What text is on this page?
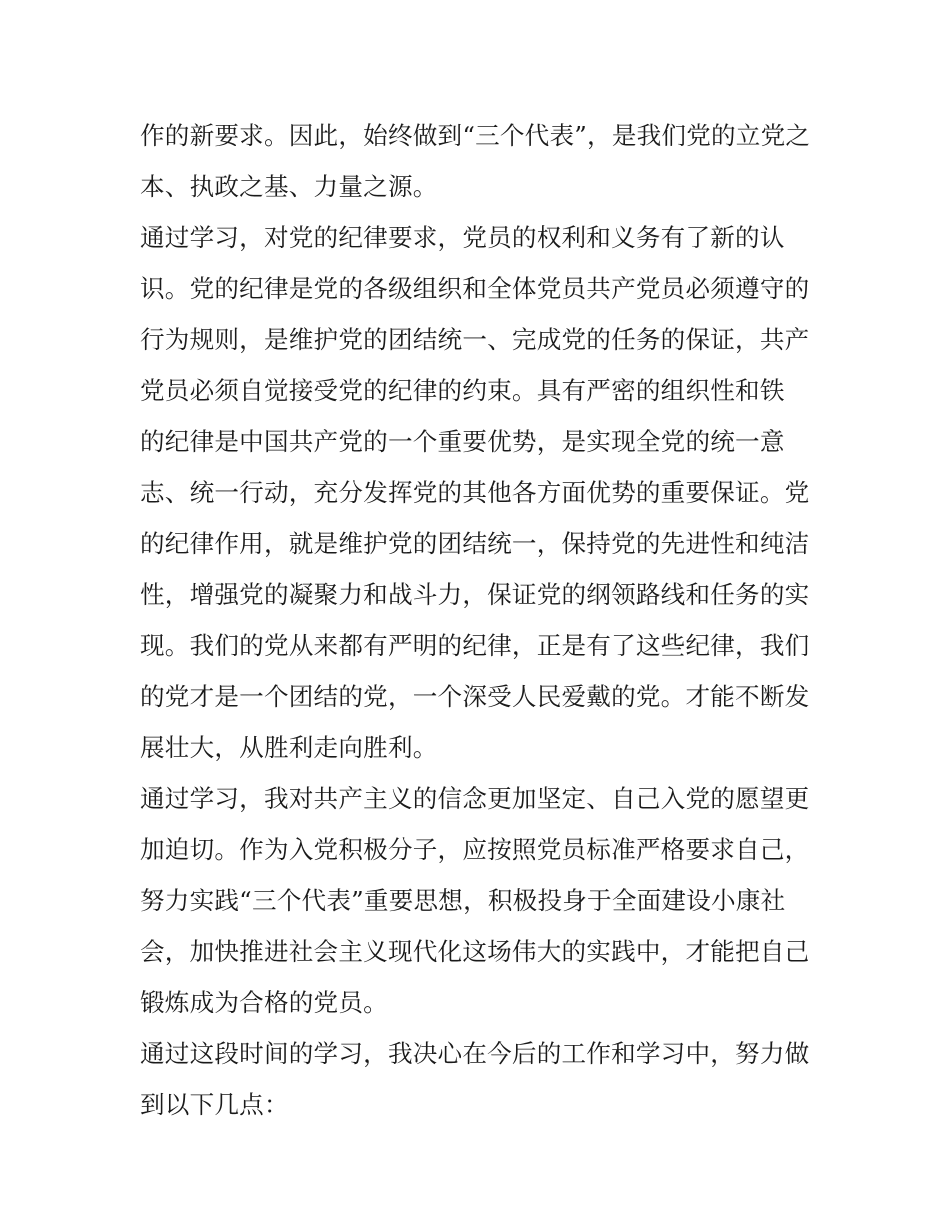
作的新要求。因此，始终做到“三个代表”，是我们党的立党之
本、执政之基、力量之源。
通过学习，对党的纪律要求，党员的权利和义务有了新的认
识。党的纪律是党的各级组织和全体党员共产党员必须遵守的
行为规则，是维护党的团结统一、完成党的任务的保证，共产
党员必须自觉接受党的纪律的约束。具有严密的组织性和铁
的纪律是中国共产党的一个重要优势，是实现全党的统一意
志、统一行动，充分发挥党的其他各方面优势的重要保证。党
的纪律作用，就是维护党的团结统一，保持党的先进性和纯洁
性，增强党的凝聚力和战斗力，保证党的纲领路线和任务的实
现。我们的党从来都有严明的纪律，正是有了这些纪律，我们
的党才是一个团结的党，一个深受人民爱戴的党。才能不断发
展壮大，从胜利走向胜利。
通过学习，我对共产主义的信念更加坚定、自己入党的愿望更
加迫切。作为入党积极分子，应按照党员标准严格要求自己，
努力实践“三个代表”重要思想，积极投身于全面建设小康社
会，加快推进社会主义现代化这场伟大的实践中，才能把自己
锻炼成为合格的党员。
通过这段时间的学习，我决心在今后的工作和学习中，努力做
到以下几点：
